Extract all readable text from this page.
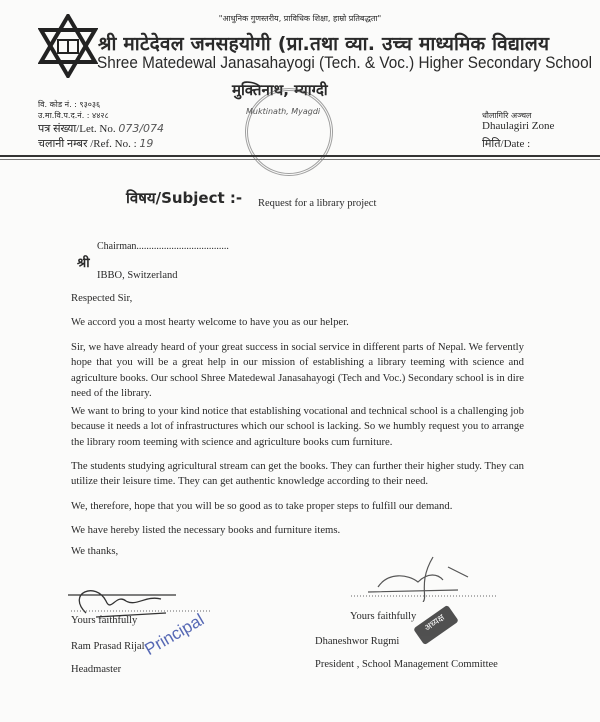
"आधुनिक गुणस्तरीय, प्राविधिक शिक्षा, हाम्रो प्रतिबद्धता"
श्री माटेदेवल जनसहयोगी (प्रा.तथा व्या. उच्च माध्यमिक विद्यालय
Shree Matedewal Janasahayogi (Tech. & Voc.) Higher Secondary School
मुक्तिनाथ, म्याग्दी
Muktinath, Myagdi
वि. कोड नं. : ९३०३६
उ.मा.वि.प.द.नं. : ४४२८
पत्र संख्या/Let. No. 073/074
चलानी नम्बर /Ref. No. : 19
धौलागिरि अञ्चल
Dhaulagiri Zone
मिति/Date :
विषय/Subject :- Request for a library project
श्री
Chairman.....................................
IBBO, Switzerland
Respected Sir,

We accord you a most hearty welcome to have you as our helper.

Sir, we have already heard of your great success in social service in different parts of Nepal. We fervently hope that you will be a great help in our mission of establishing a library teeming with science and agriculture books. Our school Shree Matedewal Janasahayogi (Tech and Voc.) Secondary school is in dire need of the library.

We want to bring to your kind notice that establishing vocational and technical school is a challenging job because it needs a lot of infrastructures which our school is lacking. So we humbly request you to arrange the library room teeming with science and agriculture books cum furniture.

The students studying agricultural stream can get the books. They can further their higher study. They can utilize their leisure time. They can get authentic knowledge according to their need.

We, therefore, hope that you will be so good as to take proper steps to fulfill our demand.

We have hereby listed the necessary books and furniture items.

We thanks,
Yours faithfully
Ram Prasad Rijal
Headmaster
Principal	Yours faithfully
Dhaneshwor Rugmi
President , School Management Committee
अध्यक्ष
